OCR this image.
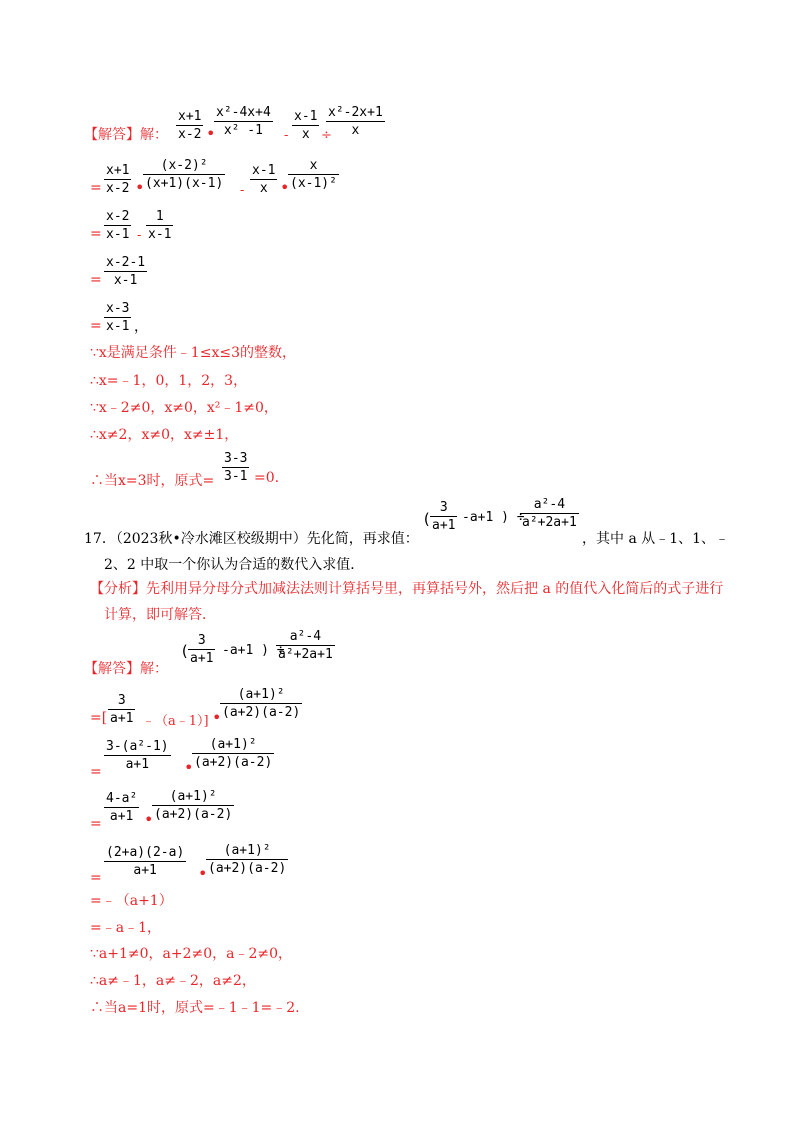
【解答】解： $\frac{x+1}{x-2}$ •
$\frac{\text{x²-4x+4}}{\text{x² -1}} - \frac{x-1}{x}$ ÷
$\frac{\text{x²-2x+1}}{x}$
= $\frac{x+1}{x-2}$ •
$\frac{\text{(x-2)²}}{(x+1)(x-1)} - \frac{x-1}{x}$ •
$\frac{x}{\text{(x-1)²}}$
= $\frac{x-2}{x-1} - \frac{1}{x-1}$
= $\frac{x-2-1}{x-1}$
= $\frac{x-3}{x-1}$ ，
∵x是满足条件﹣1≤x≤3的整数，
∴x=﹣1，0，1，2，3，
∵x﹣2≠0，x≠0，x²﹣1≠0，
∴x≠2，x≠0，x≠±1，
∴当x=3时，原式= $\frac{3-3}{3-1} =0$.
17．（2023秋•冷水滩区校级期中）先化简，再求值：
(
$\frac{3}{a+1} -a+1$ ) ÷
$\frac{\text{a²-4}}{\text{a²+2a+1}}$
，其中 a 从﹣1、1、﹣
2、2 中取一个你认为合适的数代入求值．
【分析】先利用异分母分式加减法法则计算括号里，再算括号外，然后把 a 的值代入化简后的式子进行
计算，即可解答．
【解答】解：
(
$\frac{3}{a+1} -a+1$ ) ÷
$\frac{\text{a²-4}}{\text{a²+2a+1}}$
=[ $\frac{3}{a+1}$ ﹣（a﹣1）] •
$\frac{\text{(a+1)²}}{(a+2)(a-2)}$
= $\frac{\text{3-(a²-1)}}{a+1}$ •
$\frac{\text{(a+1)²}}{(a+2)(a-2)}$
= $\frac{\text{4-a²}}{a+1}$ •
$\frac{\text{(a+1)²}}{(a+2)(a-2)}$
= $\frac{(2+a)(2-a)}{a+1}$ •
$\frac{\text{(a+1)²}}{(a+2)(a-2)}$
=﹣（a+1）
=﹣a﹣1，
∵a+1≠0，a+2≠0，a﹣2≠0，
∴a≠﹣1，a≠﹣2，a≠2，
∴当a=1时，原式=﹣1﹣1=﹣2.
